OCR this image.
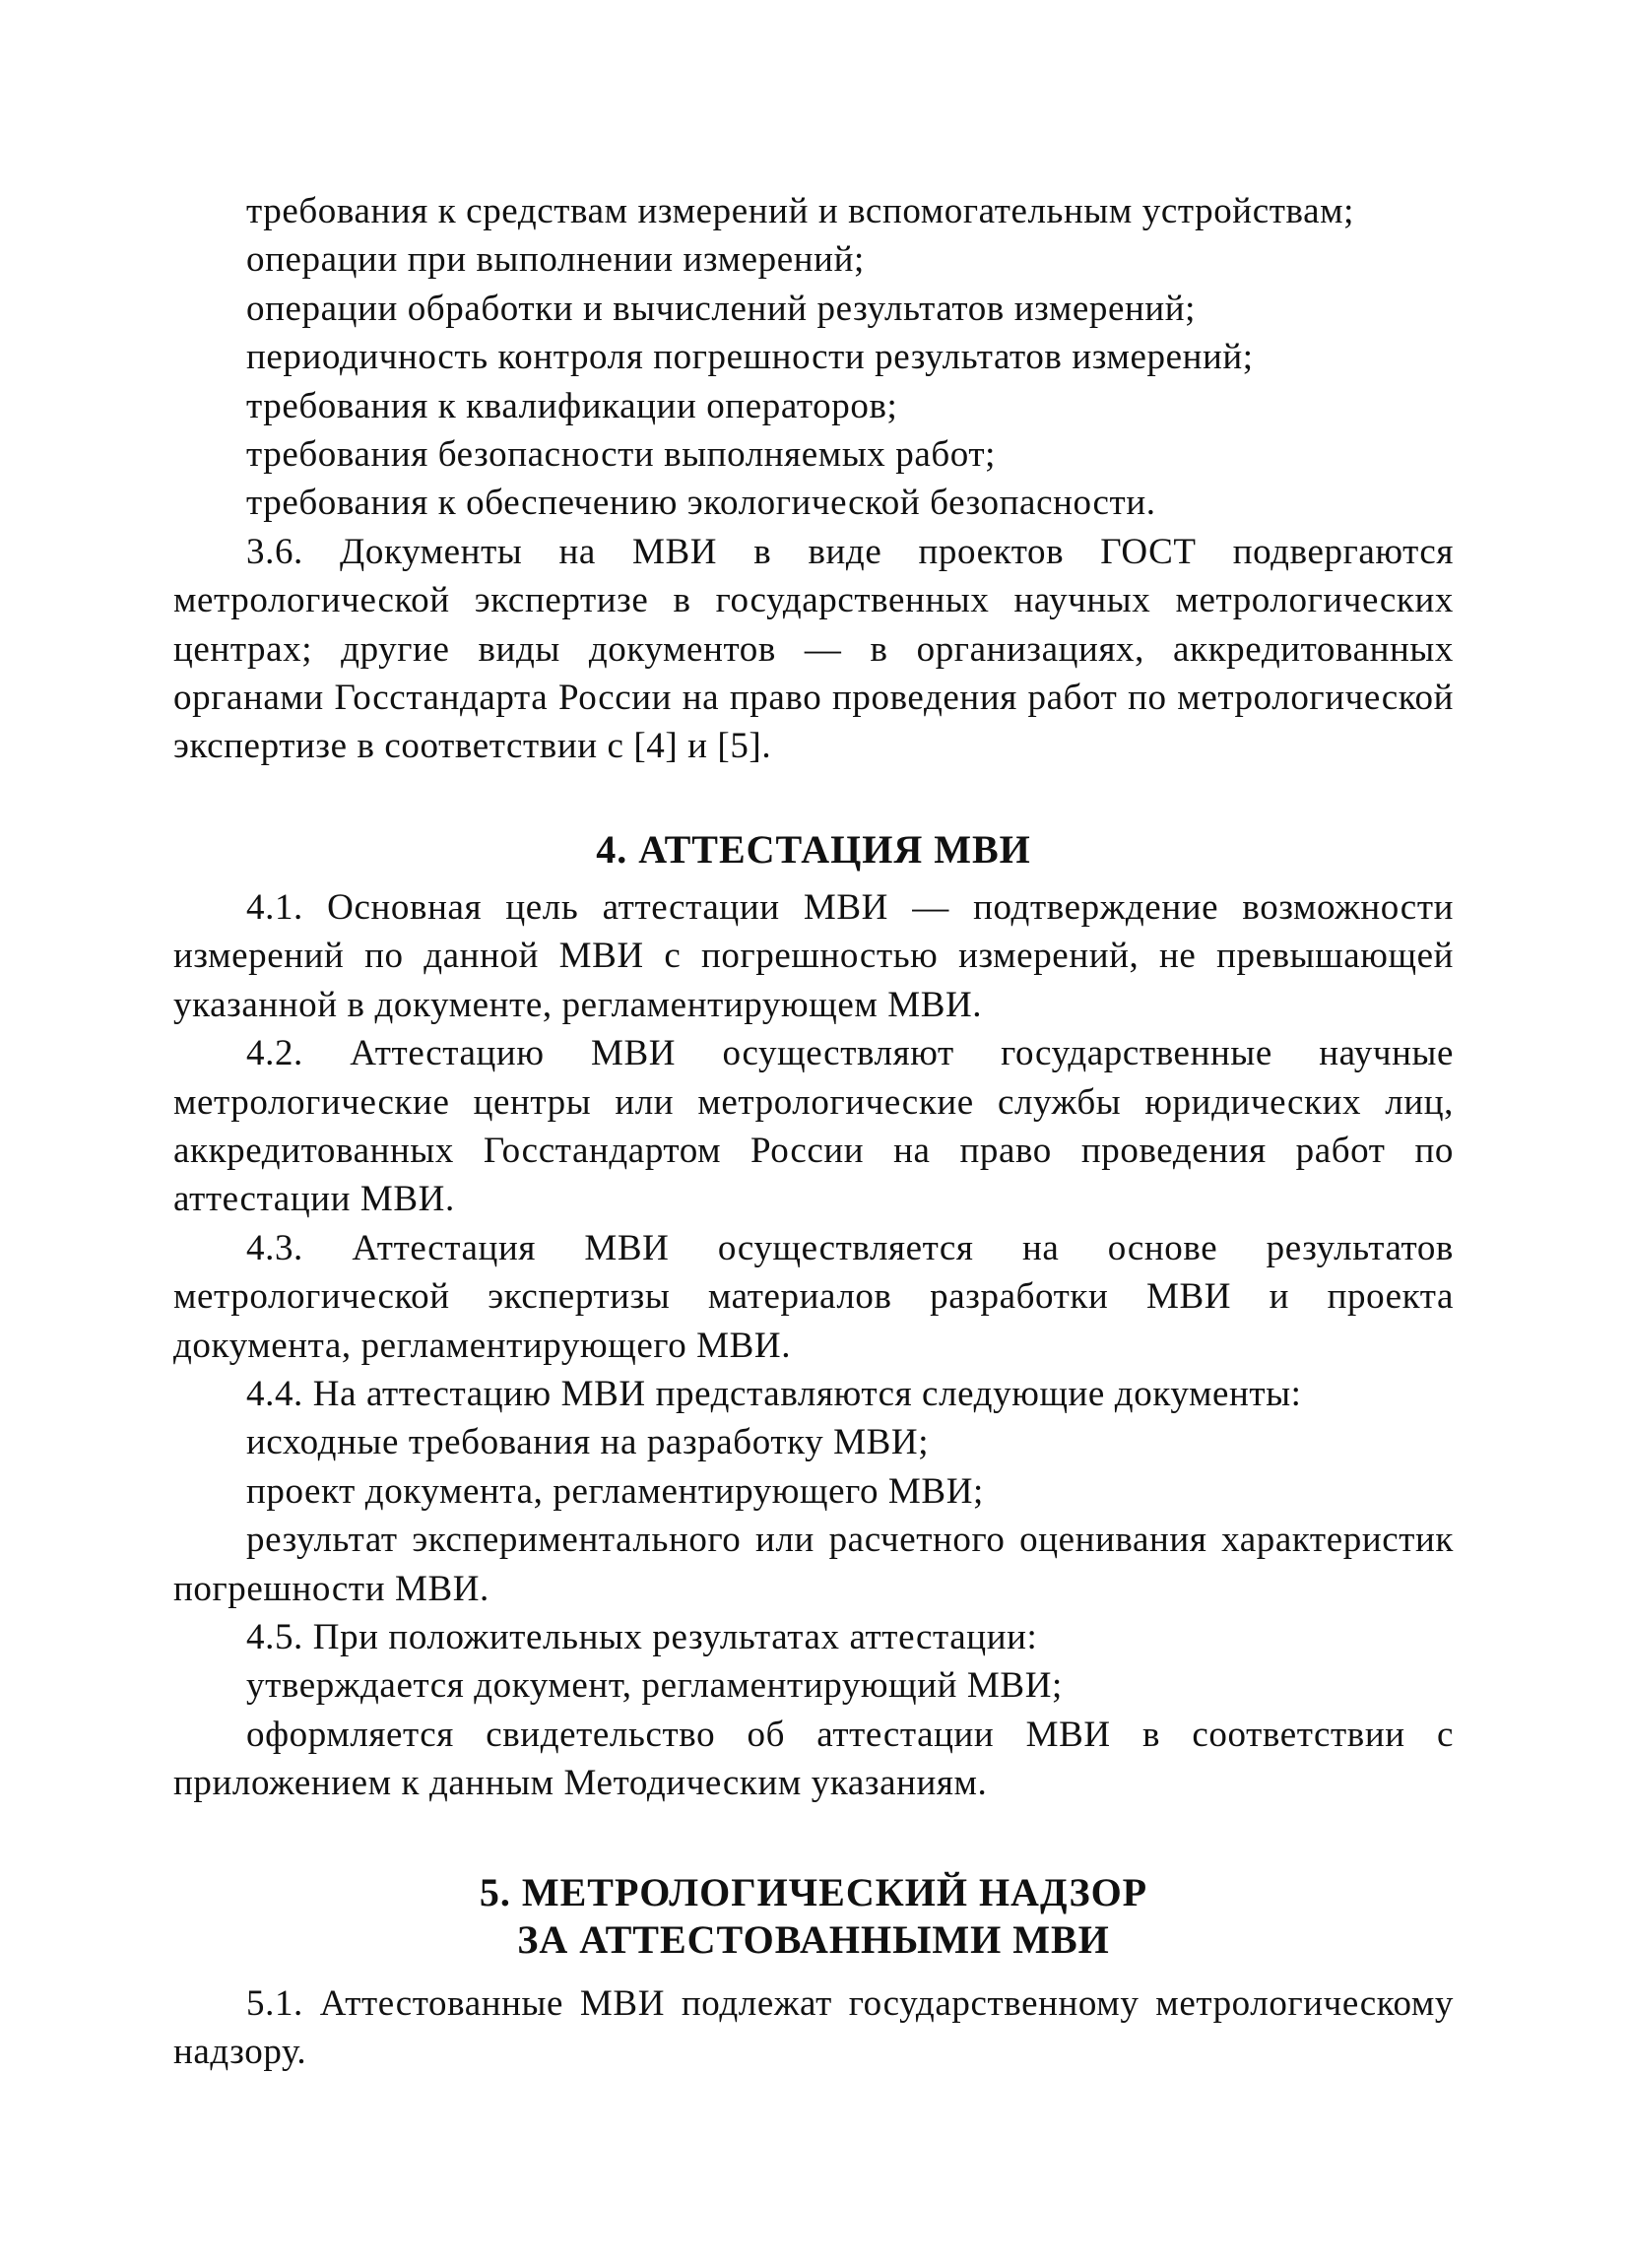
требования к средствам измерений и вспомогательным устройствам;

операции при выполнении измерений;

операции обработки и вычислений результатов измерений;

периодичность контроля погрешности результатов измерений;

требования к квалификации операторов;

требования безопасности выполняемых работ;

требования к обеспечению экологической безопасности.

3.6. Документы на МВИ в виде проектов ГОСТ подвергаются метрологической экспертизе в государственных научных метрологических центрах; другие виды документов — в организациях, аккредитованных органами Госстандарта России на право проведения работ по метрологической экспертизе в соответствии с [4] и [5].

4. АТТЕСТАЦИЯ МВИ

4.1. Основная цель аттестации МВИ — подтверждение возможности измерений по данной МВИ с погрешностью измерений, не превышающей указанной в документе, регламентирующем МВИ.

4.2. Аттестацию МВИ осуществляют государственные научные метрологические центры или метрологические службы юридических лиц, аккредитованных Госстандартом России на право проведения работ по аттестации МВИ.

4.3. Аттестация МВИ осуществляется на основе результатов метрологической экспертизы материалов разработки МВИ и проекта документа, регламентирующего МВИ.

4.4. На аттестацию МВИ представляются следующие документы:

исходные требования на разработку МВИ;

проект документа, регламентирующего МВИ;

результат экспериментального или расчетного оценивания характеристик погрешности МВИ.

4.5. При положительных результатах аттестации:

утверждается документ, регламентирующий МВИ;

оформляется свидетельство об аттестации МВИ в соответствии с приложением к данным Методическим указаниям.

5. МЕТРОЛОГИЧЕСКИЙ НАДЗОР
ЗА АТТЕСТОВАННЫМИ МВИ

5.1. Аттестованные МВИ подлежат государственному метрологическому надзору.
